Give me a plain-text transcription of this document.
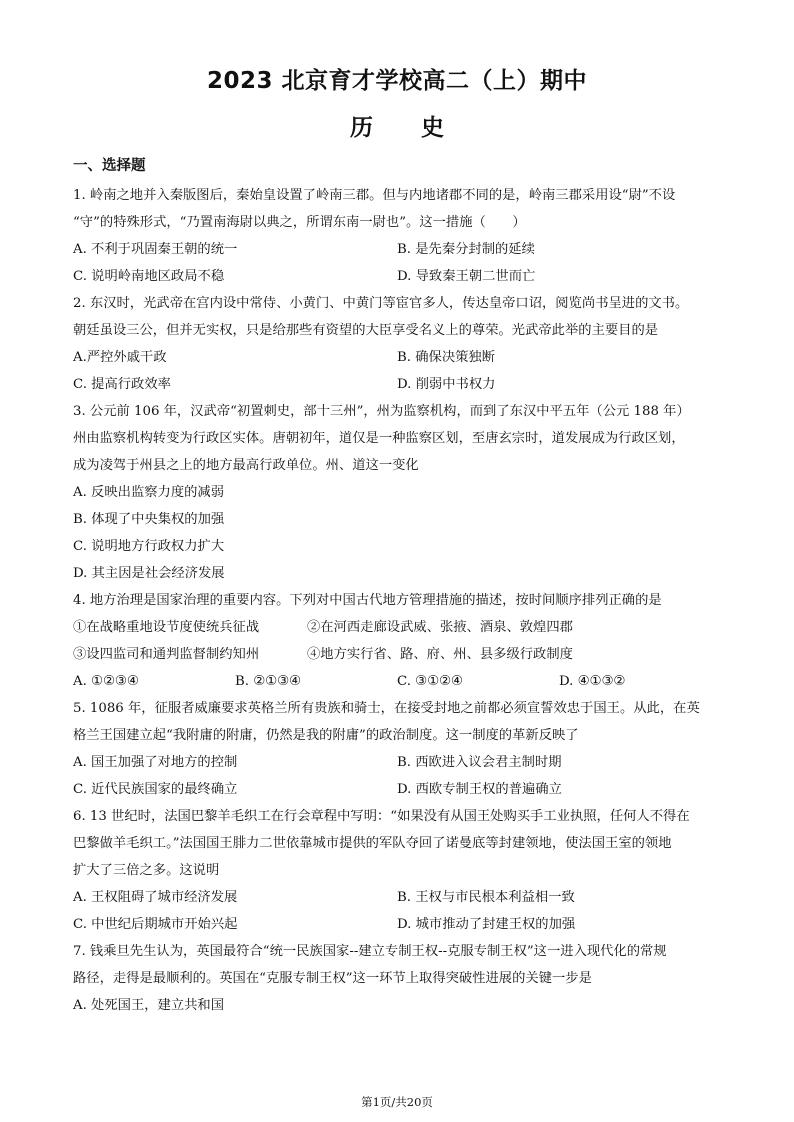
2023 北京育才学校高二（上）期中
历 史
一、选择题
1. 岭南之地并入秦版图后，秦始皇设置了岭南三郡。但与内地诸郡不同的是，岭南三郡采用设“尉”不设
“守”的特殊形式，“乃置南海尉以典之，所谓东南一尉也”。这一措施（　　）
A. 不利于巩固秦王朝的统一	B. 是先秦分封制的延续
C. 说明岭南地区政局不稳	D. 导致秦王朝二世而亡
2. 东汉时，光武帝在宫内设中常侍、小黄门、中黄门等宦官多人，传达皇帝口诏，阅览尚书呈进的文书。
朝廷虽设三公，但并无实权，只是给那些有资望的大臣享受名义上的尊荣。光武帝此举的主要目的是
A.严控外戚干政	B. 确保决策独断
C. 提高行政效率	D. 削弱中书权力
3. 公元前 106 年，汉武帝“初置刺史，部十三州”，州为监察机构，而到了东汉中平五年（公元 188 年）
州由监察机构转变为行政区实体。唐朝初年，道仅是一种监察区划，至唐玄宗时，道发展成为行政区划，
成为凌驾于州县之上的地方最高行政单位。州、道这一变化
A. 反映出监察力度的减弱
B. 体现了中央集权的加强
C. 说明地方行政权力扩大
D. 其主因是社会经济发展
4. 地方治理是国家治理的重要内容。下列对中国古代地方管理措施的描述，按时间顺序排列正确的是
①在战略重地设节度使统兵征战	②在河西走廊设武威、张掖、酒泉、敦煌四郡
③设四监司和通判监督制约知州	④地方实行省、路、府、州、县多级行政制度
A. ①②③④	B. ②①③④	C. ③①②④	D. ④①③②
5. 1086 年，征服者威廉要求英格兰所有贵族和骑士，在接受封地之前都必须宣誓效忠于国王。从此，在英
格兰王国建立起“我附庸的附庸，仍然是我的附庸”的政治制度。这一制度的革新反映了
A. 国王加强了对地方的控制	B. 西欧进入议会君主制时期
C. 近代民族国家的最终确立	D. 西欧专制王权的普遍确立
6. 13 世纪时，法国巴黎羊毛织工在行会章程中写明：“如果没有从国王处购买手工业执照，任何人不得在
巴黎做羊毛织工。”法国国王腓力二世依靠城市提供的军队夺回了诺曼底等封建领地，使法国王室的领地
扩大了三倍之多。这说明
A. 王权阻碍了城市经济发展	B. 王权与市民根本利益相一致
C. 中世纪后期城市开始兴起	D. 城市推动了封建王权的加强
7. 钱乘旦先生认为，英国最符合“统一民族国家--建立专制王权--克服专制王权”这一进入现代化的常规
路径，走得是最顺利的。英国在“克服专制王权”这一环节上取得突破性进展的关键一步是
A. 处死国王，建立共和国
第1页/共20页
